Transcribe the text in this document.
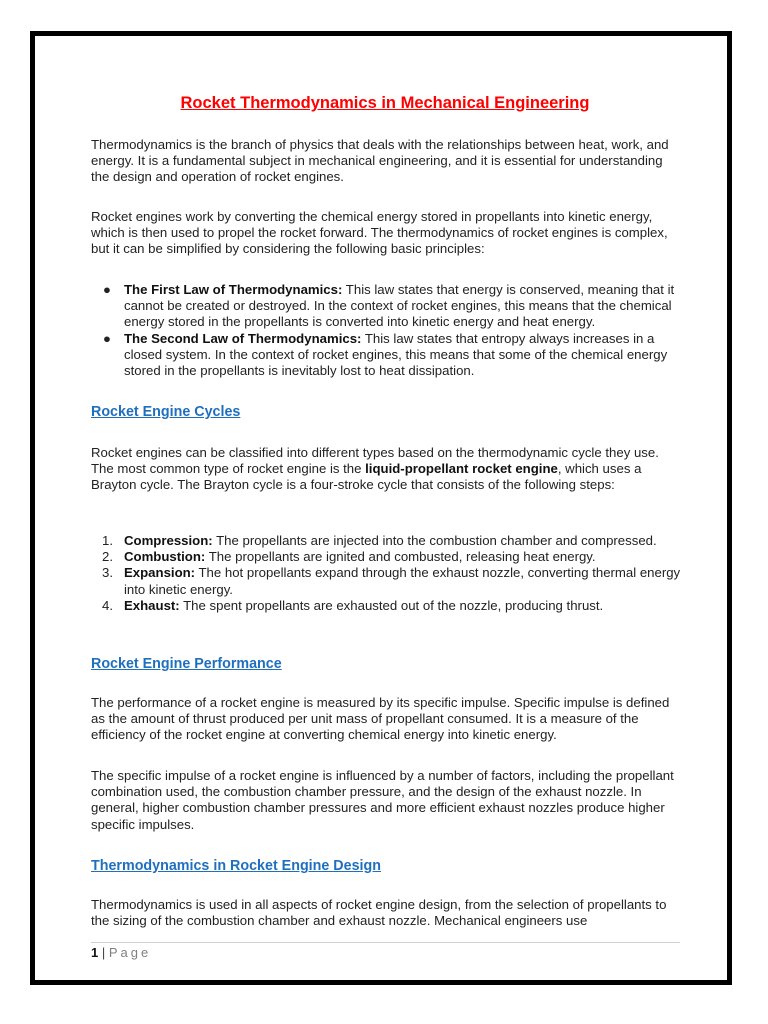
Rocket Thermodynamics in Mechanical Engineering

Thermodynamics is the branch of physics that deals with the relationships between heat, work, and energy. It is a fundamental subject in mechanical engineering, and it is essential for understanding the design and operation of rocket engines.

Rocket engines work by converting the chemical energy stored in propellants into kinetic energy, which is then used to propel the rocket forward. The thermodynamics of rocket engines is complex, but it can be simplified by considering the following basic principles:

● The First Law of Thermodynamics: This law states that energy is conserved, meaning that it cannot be created or destroyed. In the context of rocket engines, this means that the chemical energy stored in the propellants is converted into kinetic energy and heat energy.
● The Second Law of Thermodynamics: This law states that entropy always increases in a closed system. In the context of rocket engines, this means that some of the chemical energy stored in the propellants is inevitably lost to heat dissipation.
Rocket Engine Cycles

Rocket engines can be classified into different types based on the thermodynamic cycle they use. The most common type of rocket engine is the liquid-propellant rocket engine, which uses a Brayton cycle. The Brayton cycle is a four-stroke cycle that consists of the following steps:

1. Compression: The propellants are injected into the combustion chamber and compressed.
2. Combustion: The propellants are ignited and combusted, releasing heat energy.
3. Expansion: The hot propellants expand through the exhaust nozzle, converting thermal energy into kinetic energy.
4. Exhaust: The spent propellants are exhausted out of the nozzle, producing thrust.
Rocket Engine Performance

The performance of a rocket engine is measured by its specific impulse. Specific impulse is defined as the amount of thrust produced per unit mass of propellant consumed. It is a measure of the efficiency of the rocket engine at converting chemical energy into kinetic energy.

The specific impulse of a rocket engine is influenced by a number of factors, including the propellant combination used, the combustion chamber pressure, and the design of the exhaust nozzle. In general, higher combustion chamber pressures and more efficient exhaust nozzles produce higher specific impulses.

Thermodynamics in Rocket Engine Design

Thermodynamics is used in all aspects of rocket engine design, from the selection of propellants to the sizing of the combustion chamber and exhaust nozzle. Mechanical engineers use

1 | Page
